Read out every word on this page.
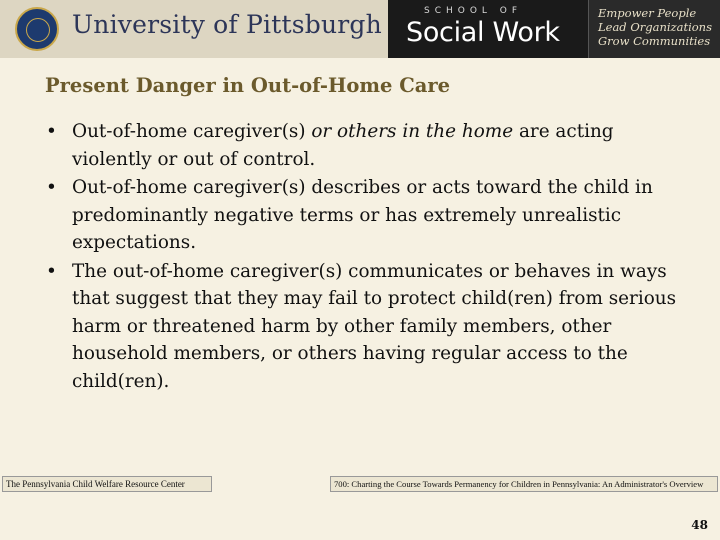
University of Pittsburgh	SCHOOL OF
Social Work
Empower People
Lead Organizations
Grow Communities
Present Danger in Out-of-Home Care
• Out-of-home caregiver(s) or others in the home are acting violently or out of control.
• Out-of-home caregiver(s) describes or acts toward the child in predominantly negative terms or has extremely unrealistic expectations.
• The out-of-home caregiver(s) communicates or behaves in ways that suggest that they may fail to protect child(ren) from serious harm or threatened harm by other family members, other household members, or others having regular access to the child(ren).
The Pennsylvania Child Welfare Resource Center	700: Charting the Course Towards Permanency for Children in Pennsylvania: An Administrator's Overview
48
